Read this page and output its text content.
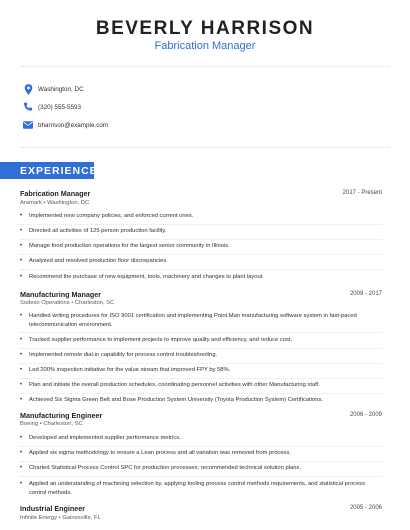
BEVERLY HARRISON
Fabrication Manager
Washington, DC
(320) 555-5593
bharrison@example.com
EXPERIENCE
Fabrication Manager	2017 - Present
Aramark • Washington, DC
•	Implemented new company policies, and enforced current ones.
•	Directed all activities of 125 person production facility.
•	Manage food production operations for the largest senior community in Illinois.
•	Analyzed and resolved production floor discrepancies.
•	Recommend the purchase of new equipment, tools, machinery and changes to plant layout.
Manufacturing Manager	2009 - 2017
Sodexo Operations • Charleston, SC
•	Handled writing procedures for ISO 9001 certification and implementing Point.Man manufacturing software system in fast-paced telecommunication environment.
•	Tracked supplier performance to implement projects to improve quality and efficiency, and reduce cost.
•	Implemented remote dial-in capability for process control troubleshooting.
•	Led 200% inspection initiative for the value stream that improved FPY by 58%.
•	Plan and initiate the overall production schedules, coordinating personnel activities with other Manufacturing staff.
•	Achieved Six Sigma Green Belt and Bose Production System University (Toyota Production System) Certifications.
Manufacturing Engineer	2006 - 2009
Boeing • Charleston, SC
•	Developed and implemented supplier performance metrics.
•	Applied six sigma methodology to ensure a Lean process and all variation was removed from process.
•	Charted Statistical Process Control SPC for production processes; recommended technical solution plans.
•	Applied an understanding of machining selection by, applying tooling process control methods requirements, and statistical process control methods.
Industrial Engineer	2005 - 2006
Infinite Energy • Gainesville, FL
